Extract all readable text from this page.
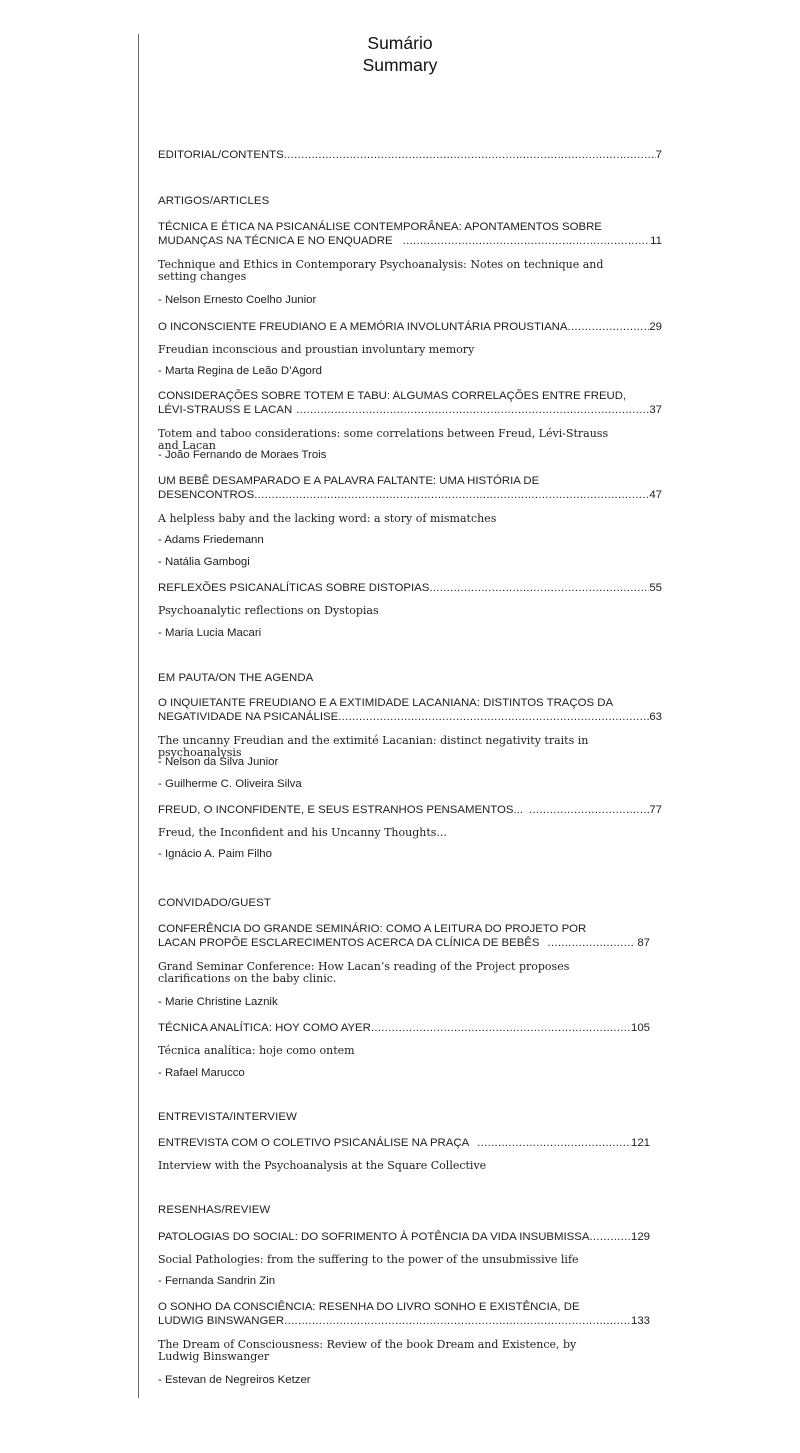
Sumário
Summary
EDITORIAL/CONTENTS .....	7
ARTIGOS/ARTICLES
TÉCNICA E ÉTICA NA PSICANÁLISE CONTEMPORÂNEA: APONTAMENTOS SOBRE
MUDANÇAS NA TÉCNICA E NO ENQUADRE .....	11
Technique and Ethics in Contemporary Psychoanalysis: Notes on technique and setting changes
- Nelson Ernesto Coelho Junior
O INCONSCIENTE FREUDIANO E A MEMÓRIA INVOLUNTÁRIA PROUSTIANA .....	29
Freudian inconscious and proustian involuntary memory
- Marta Regina de Leão D’Agord
CONSIDERAÇÕES SOBRE TOTEM E TABU: ALGUMAS CORRELAÇÕES ENTRE FREUD,
LÉVI-STRAUSS E LACAN .....	37
Totem and taboo considerations: some correlations between Freud, Lévi-Strauss and Lacan
- João Fernando de Moraes Trois
UM BEBÊ DESAMPARADO E A PALAVRA FALTANTE: UMA HISTÓRIA DE
DESENCONTROS .....	47
A helpless baby and the lacking word: a story of mismatches
- Adams Friedemann
- Natália Gambogi
REFLEXÕES PSICANALÍTICAS SOBRE DISTOPIAS .....	55
Psychoanalytic reflections on Dystopias
- Maria Lucia Macari
EM PAUTA/ON THE AGENDA
O INQUIETANTE FREUDIANO E A EXTIMIDADE LACANIANA: DISTINTOS TRAÇOS DA
NEGATIVIDADE NA PSICANÁLISE .....	63
The uncanny Freudian and the extimité Lacanian: distinct negativity traits in psychoanalysis
- Nelson da Silva Junior
- Guilherme C. Oliveira Silva
FREUD, O INCONFIDENTE, E SEUS ESTRANHOS PENSAMENTOS... .....	77
Freud, the Inconfident and his Uncanny Thoughts...
- Ignácio A. Paim Filho
CONVIDADO/GUEST
CONFERÊNCIA DO GRANDE SEMINÁRIO: COMO A LEITURA DO PROJETO POR
LACAN PROPÕE ESCLARECIMENTOS ACERCA DA CLÍNICA DE BEBÊS .....	87
Grand Seminar Conference: How Lacan’s reading of the Project proposes clarifications on the baby clinic.
- Marie Christine Laznik
TÉCNICA ANALÍTICA: HOY COMO AYER .....	105
Técnica analítica: hoje como ontem
- Rafael Marucco
ENTREVISTA/INTERVIEW
ENTREVISTA COM O COLETIVO PSICANÁLISE NA PRAÇA .....	121
Interview with the Psychoanalysis at the Square Collective
RESENHAS/REVIEW
PATOLOGIAS DO SOCIAL: DO SOFRIMENTO À POTÊNCIA DA VIDA INSUBMISSA .....	129
Social Pathologies: from the suffering to the power of the unsubmissive life
- Fernanda Sandrin Zin
O SONHO DA CONSCIÊNCIA: RESENHA DO LIVRO SONHO E EXISTÊNCIA, DE
LUDWIG BINSWANGER .....	133
The Dream of Consciousness: Review of the book Dream and Existence, by Ludwig Binswanger
- Estevan de Negreiros Ketzer
